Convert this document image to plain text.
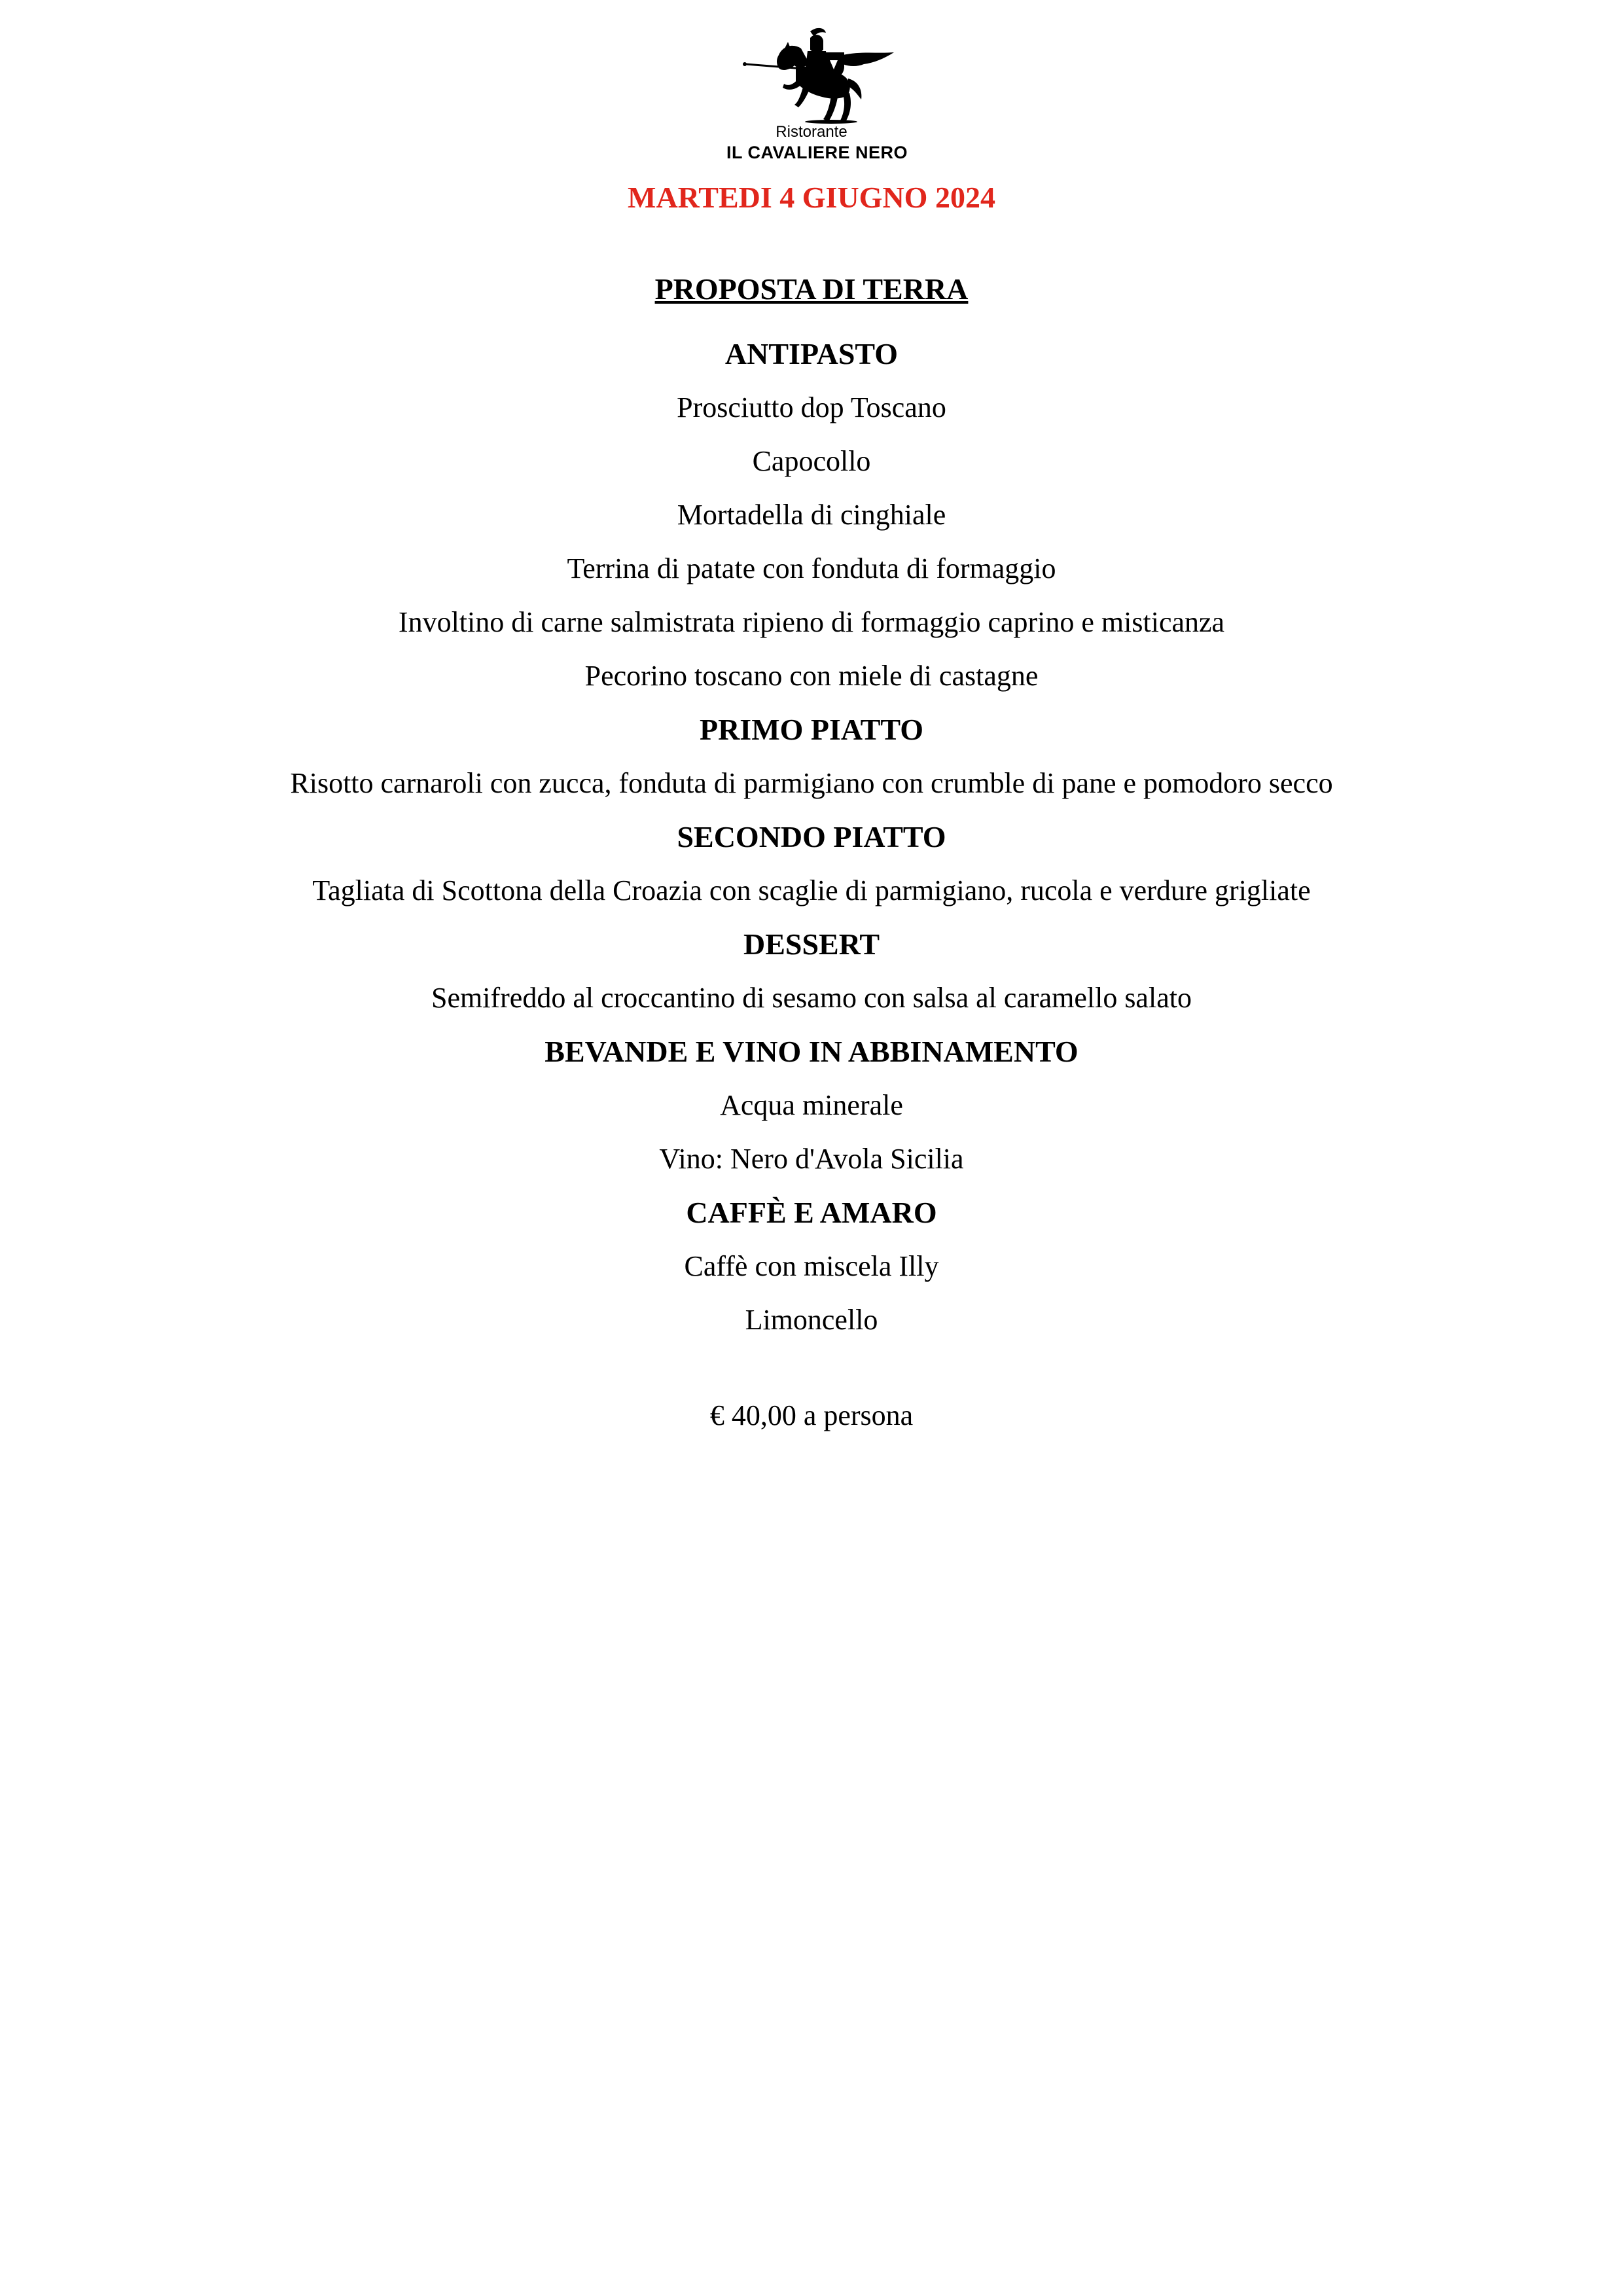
Ristorante
IL CAVALIERE NERO

MARTEDI 4 GIUGNO 2024

PROPOSTA DI TERRA

ANTIPASTO

Prosciutto dop Toscano

Capocollo

Mortadella di cinghiale

Terrina di patate con fonduta di formaggio

Involtino di carne salmistrata ripieno di formaggio caprino e misticanza

Pecorino toscano con miele di castagne

PRIMO PIATTO

Risotto carnaroli con zucca, fonduta di parmigiano con crumble di pane e pomodoro secco

SECONDO PIATTO

Tagliata di Scottona della Croazia con scaglie di parmigiano, rucola e verdure grigliate

DESSERT

Semifreddo al croccantino di sesamo con salsa al caramello salato

BEVANDE E VINO IN ABBINAMENTO

Acqua minerale

Vino: Nero d'Avola Sicilia

CAFFÈ E AMARO

Caffè con miscela Illy

Limoncello

€ 40,00 a persona
